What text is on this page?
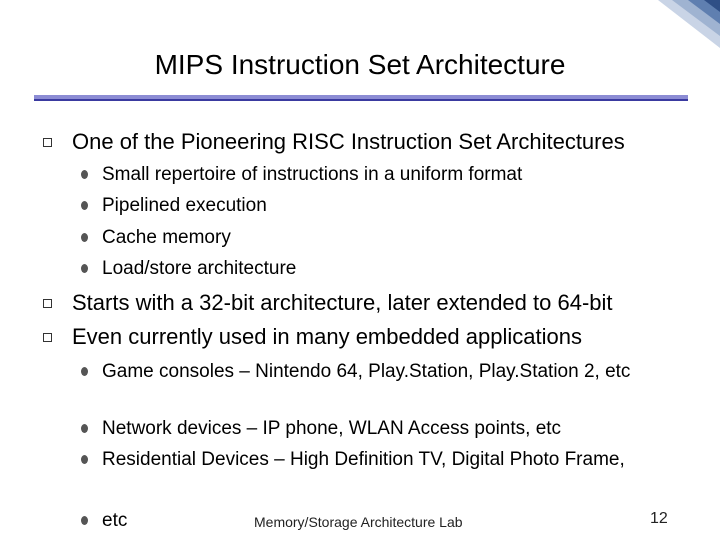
MIPS Instruction Set Architecture

One of the Pioneering RISC Instruction Set Architectures

Small repertoire of instructions in a uniform format

Pipelined execution

Cache memory

Load/store architecture

Starts with a 32-bit architecture, later extended to 64-bit

Even currently used in many embedded applications

Game consoles – Nintendo 64, Play.Station, Play.Station 2, etc

Network devices – IP phone, WLAN Access points, etc

Residential Devices – High Definition TV, Digital Photo Frame,

etc	Memory/Storage Architecture Lab	12
